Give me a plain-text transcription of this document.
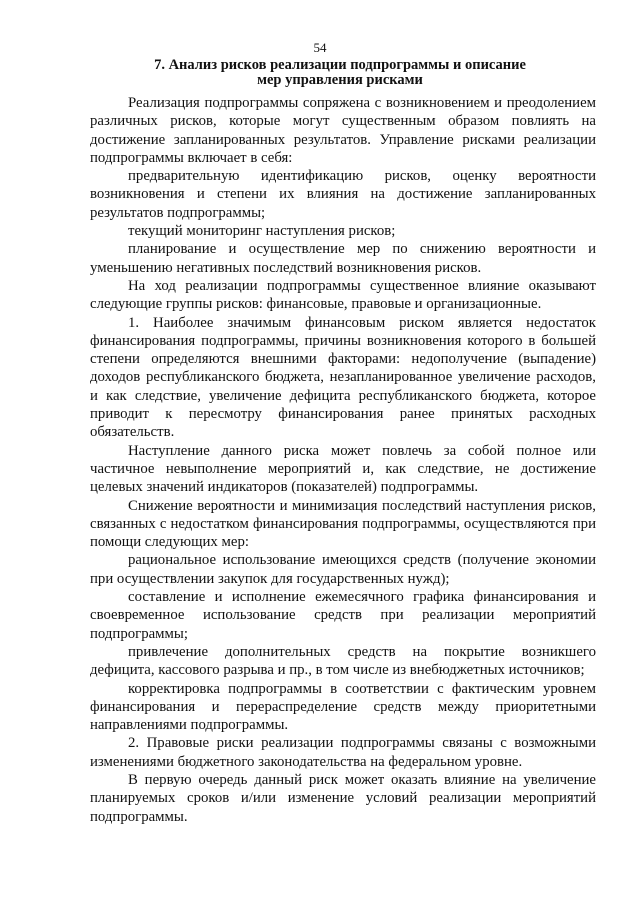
54
7. Анализ рисков реализации подпрограммы и описание
мер управления рисками

Реализация подпрограммы сопряжена с возникновением и преодолением различных рисков, которые могут существенным образом повлиять на достижение запланированных результатов. Управление рисками реализации подпрограммы включает в себя:

предварительную идентификацию рисков, оценку вероятности возникновения и степени их влияния на достижение запланированных результатов подпрограммы;

текущий мониторинг наступления рисков;

планирование и осуществление мер по снижению вероятности и уменьшению негативных последствий возникновения рисков.

На ход реализации подпрограммы существенное влияние оказывают следующие группы рисков: финансовые, правовые и организационные.

1. Наиболее значимым финансовым риском является недостаток финансирования подпрограммы, причины возникновения которого в большей степени определяются внешними факторами: недополучение (выпадение) доходов республиканского бюджета, незапланированное увеличение расходов, и как следствие, увеличение дефицита республиканского бюджета, которое приводит к пересмотру финансирования ранее принятых расходных обязательств.

Наступление данного риска может повлечь за собой полное или частичное невыполнение мероприятий и, как следствие, не достижение целевых значений индикаторов (показателей) подпрограммы.

Снижение вероятности и минимизация последствий наступления рисков, связанных с недостатком финансирования подпрограммы, осуществляются при помощи следующих мер:

рациональное использование имеющихся средств (получение экономии при осуществлении закупок для государственных нужд);

составление и исполнение ежемесячного графика финансирования и своевременное использование средств при реализации мероприятий подпрограммы;

привлечение дополнительных средств на покрытие возникшего дефицита, кассового разрыва и пр., в том числе из внебюджетных источников;

корректировка подпрограммы в соответствии с фактическим уровнем финансирования и перераспределение средств между приоритетными направлениями подпрограммы.

2. Правовые риски реализации подпрограммы связаны с возможными изменениями бюджетного законодательства на федеральном уровне.

В первую очередь данный риск может оказать влияние на увеличение планируемых сроков и/или изменение условий реализации мероприятий подпрограммы.
